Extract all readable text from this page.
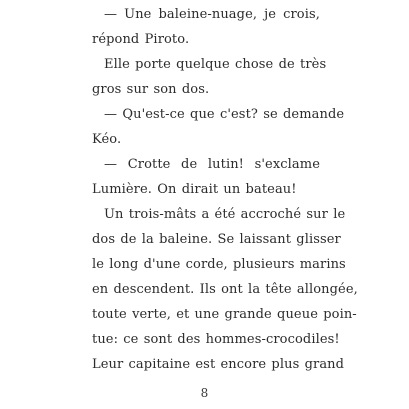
— Une baleine-nuage, je crois,
répond Piroto.
Elle porte quelque chose de très
gros sur son dos.
— Qu'est-ce que c'est? se demande
Kéo.
— Crotte de lutin! s'exclame
Lumière. On dirait un bateau!
Un trois-mâts a été accroché sur le
dos de la baleine. Se laissant glisser
le long d'une corde, plusieurs marins
en descendent. Ils ont la tête allongée,
toute verte, et une grande queue poin-
tue: ce sont des hommes-crocodiles!
Leur capitaine est encore plus grand
8
